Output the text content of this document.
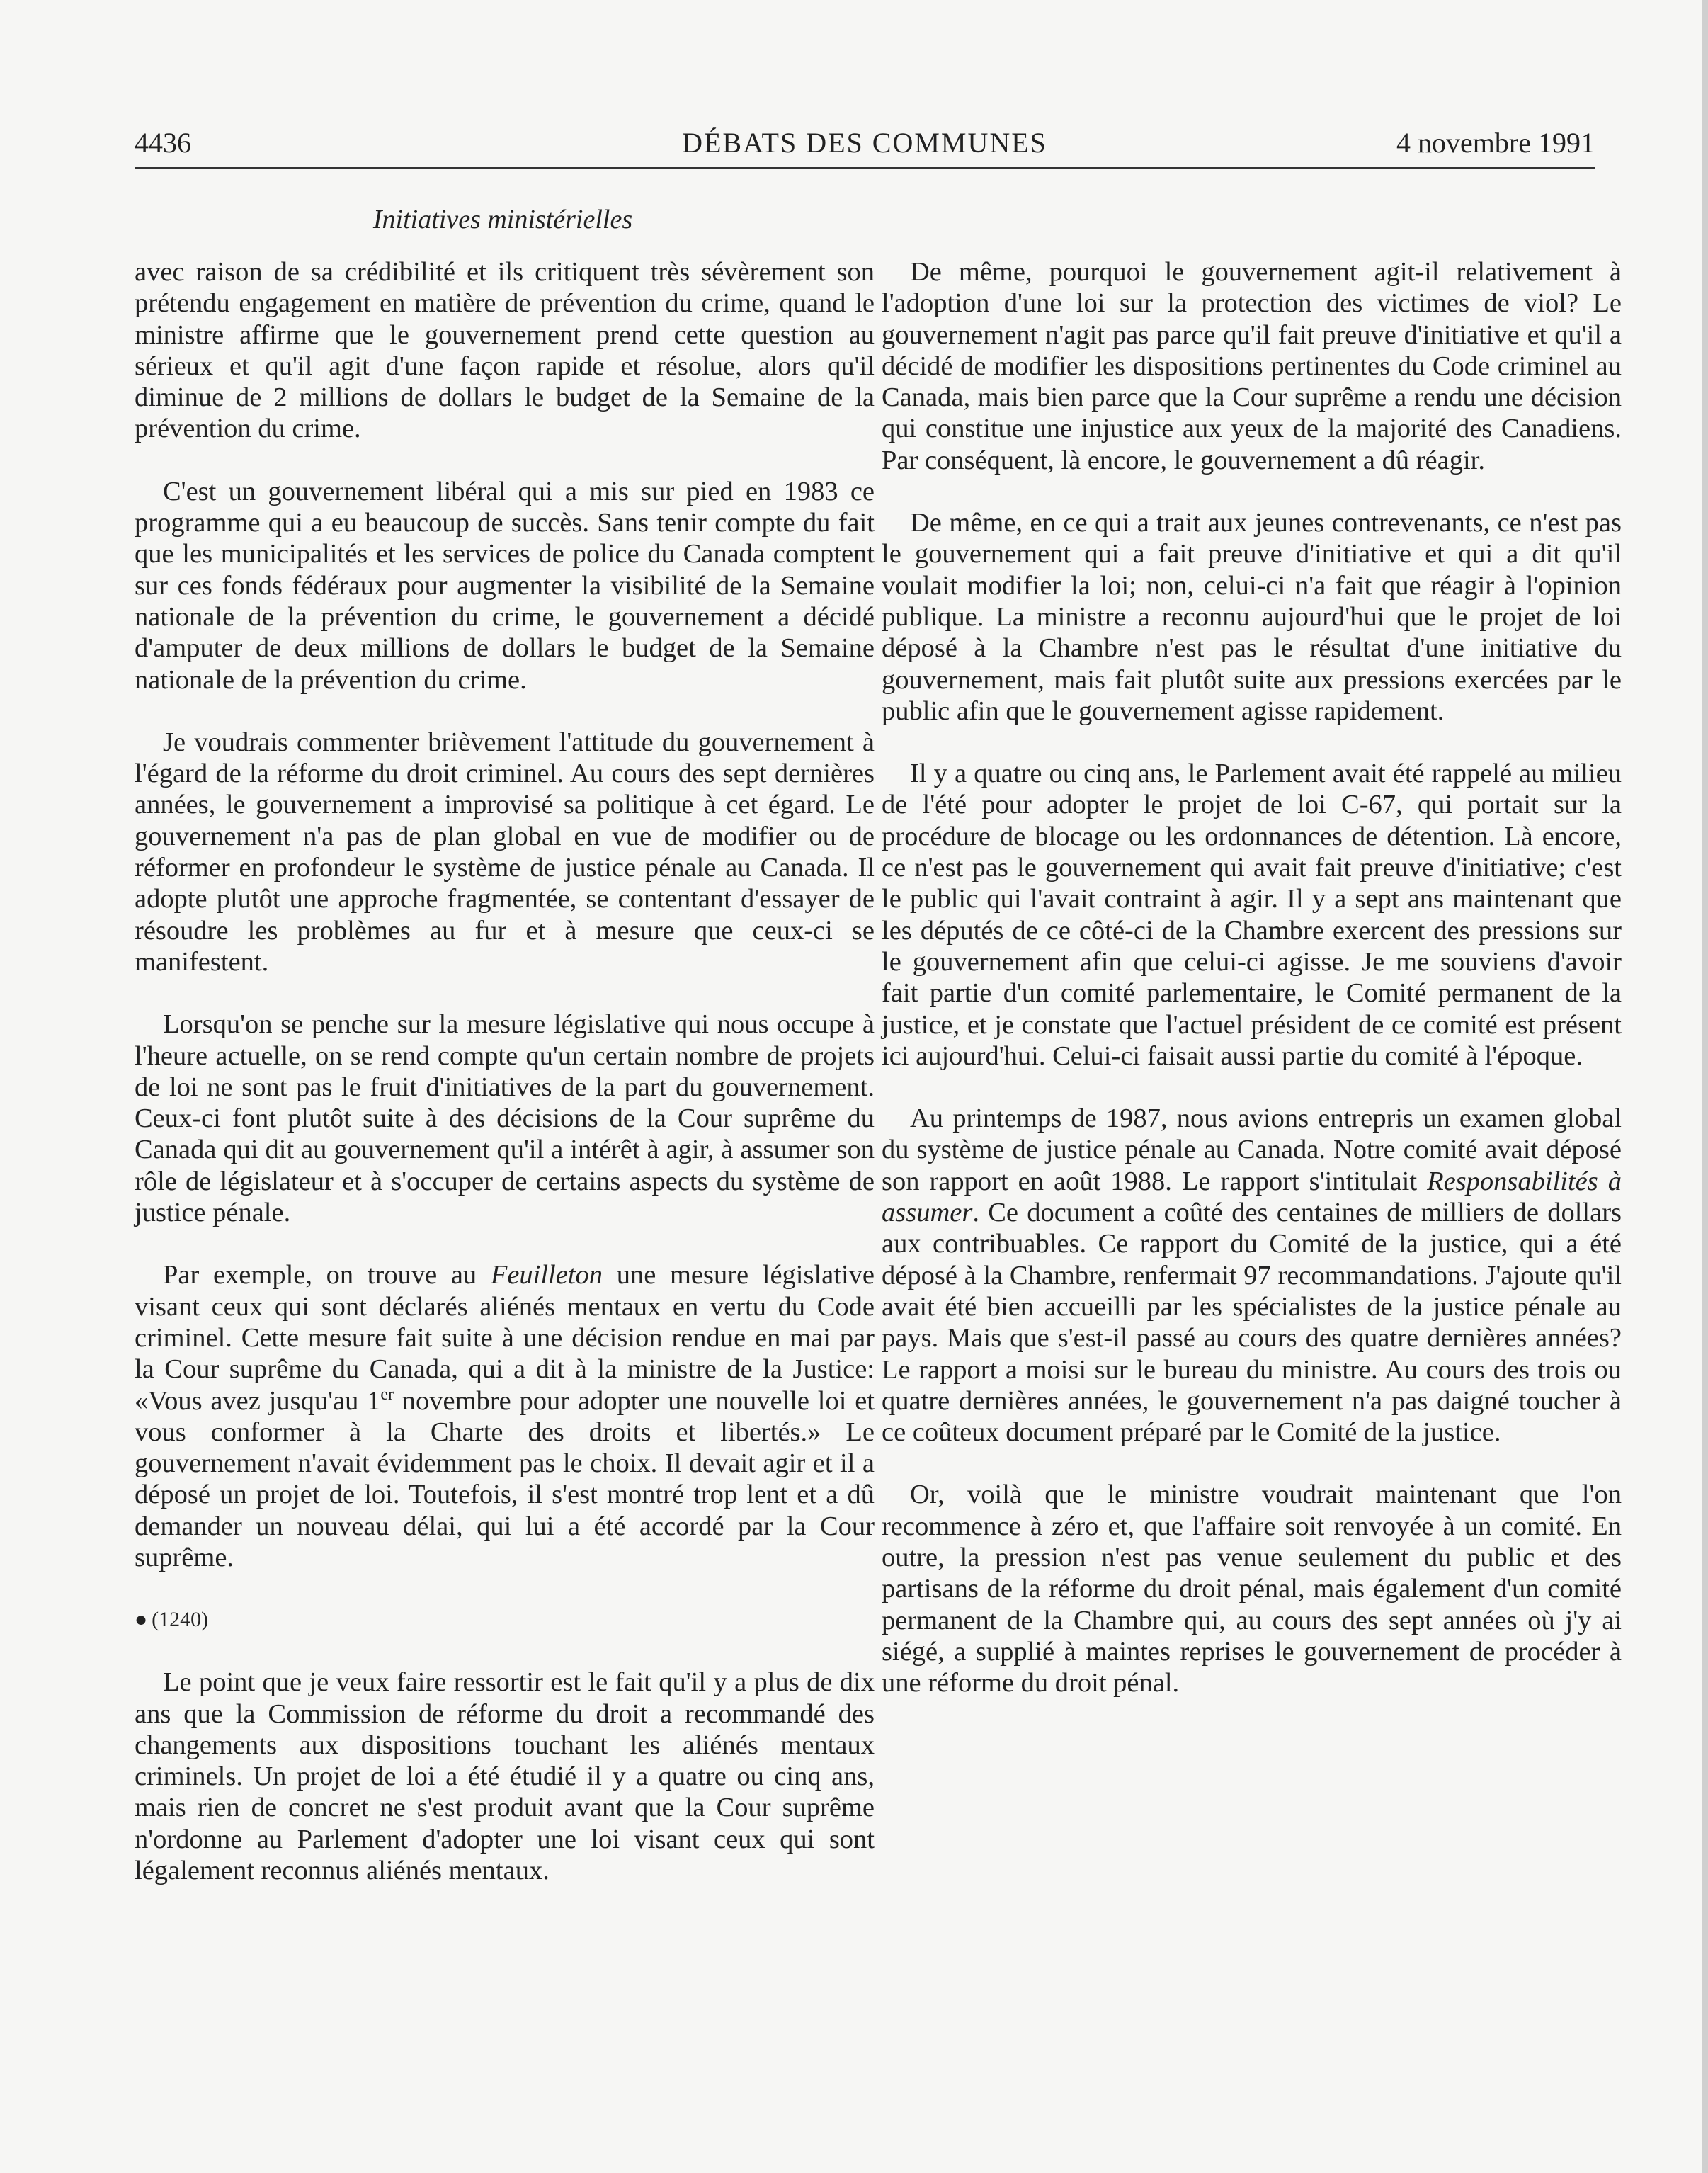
4436	DÉBATS DES COMMUNES	4 novembre 1991
Initiatives ministérielles

avec raison de sa crédibilité et ils critiquent très sévèrement son prétendu engagement en matière de prévention du crime, quand le ministre affirme que le gouvernement prend cette question au sérieux et qu'il agit d'une façon rapide et résolue, alors qu'il diminue de 2 millions de dollars le budget de la Semaine de la prévention du crime.

C'est un gouvernement libéral qui a mis sur pied en 1983 ce programme qui a eu beaucoup de succès. Sans tenir compte du fait que les municipalités et les services de police du Canada comptent sur ces fonds fédéraux pour augmenter la visibilité de la Semaine nationale de la prévention du crime, le gouvernement a décidé d'amputer de deux millions de dollars le budget de la Semaine nationale de la prévention du crime.

Je voudrais commenter brièvement l'attitude du gouvernement à l'égard de la réforme du droit criminel. Au cours des sept dernières années, le gouvernement a improvisé sa politique à cet égard. Le gouvernement n'a pas de plan global en vue de modifier ou de réformer en profondeur le système de justice pénale au Canada. Il adopte plutôt une approche fragmentée, se contentant d'essayer de résoudre les problèmes au fur et à mesure que ceux-ci se manifestent.

Lorsqu'on se penche sur la mesure législative qui nous occupe à l'heure actuelle, on se rend compte qu'un certain nombre de projets de loi ne sont pas le fruit d'initiatives de la part du gouvernement. Ceux-ci font plutôt suite à des décisions de la Cour suprême du Canada qui dit au gouvernement qu'il a intérêt à agir, à assumer son rôle de législateur et à s'occuper de certains aspects du système de justice pénale.

Par exemple, on trouve au Feuilleton une mesure législative visant ceux qui sont déclarés aliénés mentaux en vertu du Code criminel. Cette mesure fait suite à une décision rendue en mai par la Cour suprême du Canada, qui a dit à la ministre de la Justice: «Vous avez jusqu'au 1er novembre pour adopter une nouvelle loi et vous conformer à la Charte des droits et libertés.» Le gouvernement n'avait évidemment pas le choix. Il devait agir et il a déposé un projet de loi. Toutefois, il s'est montré trop lent et a dû demander un nouveau délai, qui lui a été accordé par la Cour suprême.

● (1240)

Le point que je veux faire ressortir est le fait qu'il y a plus de dix ans que la Commission de réforme du droit a recommandé des changements aux dispositions touchant les aliénés mentaux criminels. Un projet de loi a été étudié il y a quatre ou cinq ans, mais rien de concret ne s'est produit avant que la Cour suprême n'ordonne au Parlement d'adopter une loi visant ceux qui sont légalement reconnus aliénés mentaux.

De même, pourquoi le gouvernement agit-il relativement à l'adoption d'une loi sur la protection des victimes de viol? Le gouvernement n'agit pas parce qu'il fait preuve d'initiative et qu'il a décidé de modifier les dispositions pertinentes du Code criminel au Canada, mais bien parce que la Cour suprême a rendu une décision qui constitue une injustice aux yeux de la majorité des Canadiens. Par conséquent, là encore, le gouvernement a dû réagir.

De même, en ce qui a trait aux jeunes contrevenants, ce n'est pas le gouvernement qui a fait preuve d'initiative et qui a dit qu'il voulait modifier la loi; non, celui-ci n'a fait que réagir à l'opinion publique. La ministre a reconnu aujourd'hui que le projet de loi déposé à la Chambre n'est pas le résultat d'une initiative du gouvernement, mais fait plutôt suite aux pressions exercées par le public afin que le gouvernement agisse rapidement.

Il y a quatre ou cinq ans, le Parlement avait été rappelé au milieu de l'été pour adopter le projet de loi C-67, qui portait sur la procédure de blocage ou les ordonnances de détention. Là encore, ce n'est pas le gouvernement qui avait fait preuve d'initiative; c'est le public qui l'avait contraint à agir. Il y a sept ans maintenant que les députés de ce côté-ci de la Chambre exercent des pressions sur le gouvernement afin que celui-ci agisse. Je me souviens d'avoir fait partie d'un comité parlementaire, le Comité permanent de la justice, et je constate que l'actuel président de ce comité est présent ici aujourd'hui. Celui-ci faisait aussi partie du comité à l'époque.

Au printemps de 1987, nous avions entrepris un examen global du système de justice pénale au Canada. Notre comité avait déposé son rapport en août 1988. Le rapport s'intitulait Responsabilités à assumer. Ce document a coûté des centaines de milliers de dollars aux contribuables. Ce rapport du Comité de la justice, qui a été déposé à la Chambre, renfermait 97 recommandations. J'ajoute qu'il avait été bien accueilli par les spécialistes de la justice pénale au pays. Mais que s'est-il passé au cours des quatre dernières années? Le rapport a moisi sur le bureau du ministre. Au cours des trois ou quatre dernières années, le gouvernement n'a pas daigné toucher à ce coûteux document préparé par le Comité de la justice.

Or, voilà que le ministre voudrait maintenant que l'on recommence à zéro et, que l'affaire soit renvoyée à un comité. En outre, la pression n'est pas venue seulement du public et des partisans de la réforme du droit pénal, mais également d'un comité permanent de la Chambre qui, au cours des sept années où j'y ai siégé, a supplié à maintes reprises le gouvernement de procéder à une réforme du droit pénal.
